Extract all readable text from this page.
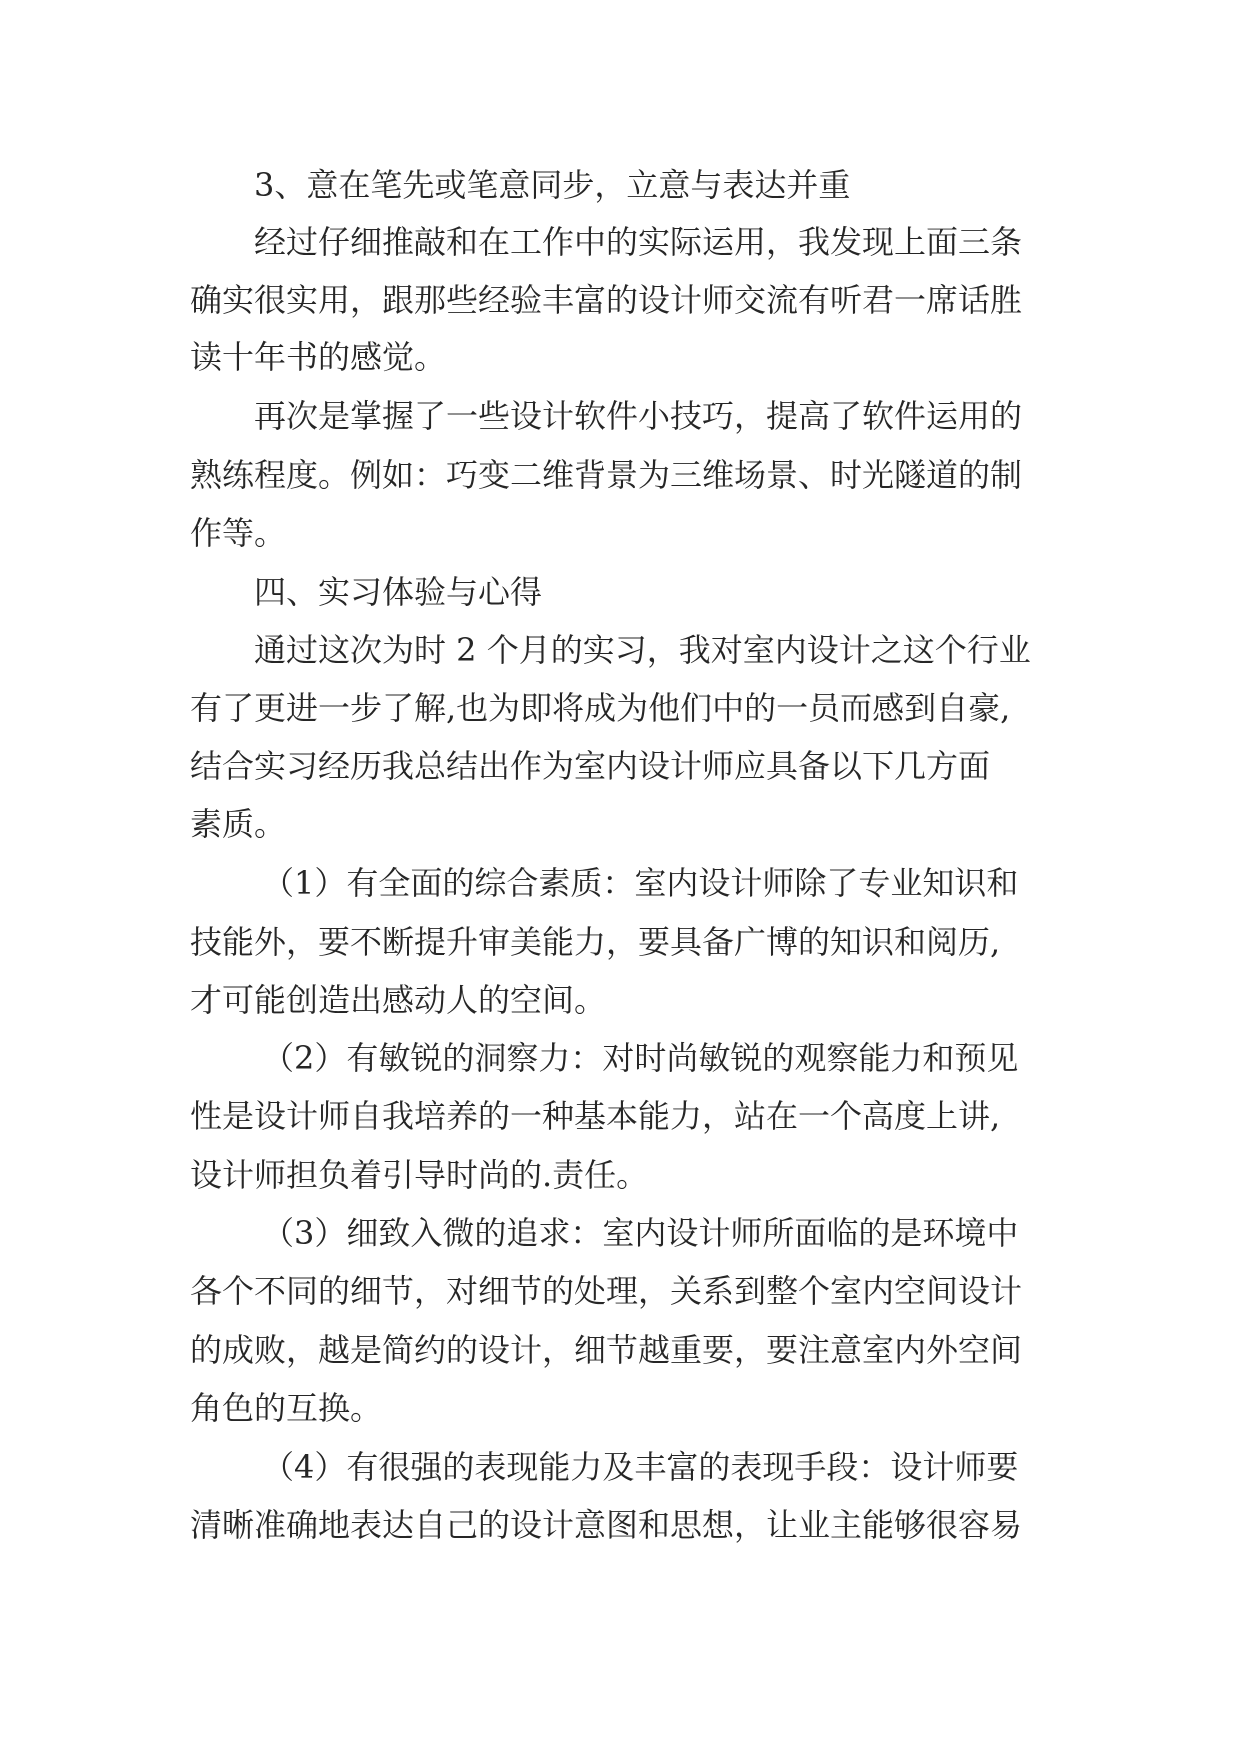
3、意在笔先或笔意同步，立意与表达并重
经过仔细推敲和在工作中的实际运用，我发现上面三条
确实很实用，跟那些经验丰富的设计师交流有听君一席话胜
读十年书的感觉。
再次是掌握了一些设计软件小技巧，提高了软件运用的
熟练程度。例如：巧变二维背景为三维场景、时光隧道的制
作等。
四、实习体验与心得
通过这次为时 2 个月的实习，我对室内设计之这个行业
有了更进一步了解,也为即将成为他们中的一员而感到自豪,
结合实习经历我总结出作为室内设计师应具备以下几方面
素质。
（1）有全面的综合素质：室内设计师除了专业知识和
技能外，要不断提升审美能力，要具备广博的知识和阅历,
才可能创造出感动人的空间。
（2）有敏锐的洞察力：对时尚敏锐的观察能力和预见
性是设计师自我培养的一种基本能力，站在一个高度上讲,
设计师担负着引导时尚的.责任。
（3）细致入微的追求：室内设计师所面临的是环境中
各个不同的细节，对细节的处理，关系到整个室内空间设计
的成败，越是简约的设计，细节越重要，要注意室内外空间
角色的互换。
（4）有很强的表现能力及丰富的表现手段：设计师要
清晰准确地表达自己的设计意图和思想，让业主能够很容易
